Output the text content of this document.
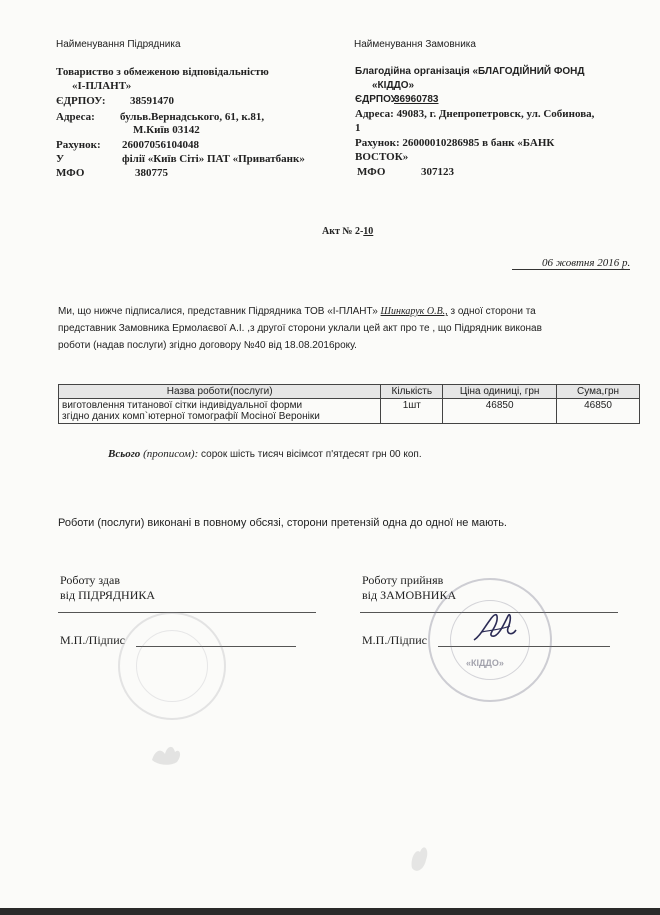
Найменування Підрядника
Товариство з обмеженою відповідальністю
«І-ПЛАНТ»
ЄДРПОУ: 38591470
Адреса: бульв.Вернадського, 61, к.81,
М.Київ 03142
Рахунок: 26007056104048
У	філії «Київ Сіті» ПАТ «Приватбанк»
МФО	380775
Найменування Замовника
Благодійна організація «БЛАГОДІЙНИЙ ФОНД
«КІДДО»
ЄДРПОУ
36960783
Адреса: 49083, г. Днепропетровск, ул. Собинова,
1
Рахунок: 26000010286985 в банк «БАНК
ВОСТОК»
МФО	307123
Акт № 2-10
06 жовтня 2016 р.
Ми, що нижче підписалися, представник Підрядника ТОВ «І-ПЛАНТ» Шинкарук О.В., з одної сторони та
представник Замовника Ермолаєвої А.І. ,з другої сторони уклали цей акт про те , що Підрядник виконав
роботи (надав послуги) згідно договору №40 від 18.08.2016року.
Назва роботи(послуги)	Кількість	Ціна одиниці, грн	Сума,грн

виготовлення титанової сітки індивідуальної форми
згідно даних комп`ютерної томографії Мосіної Вероніки	1шт	46850	46850
Всього (прописом): сорок шість тисяч вісімсот п'ятдесят грн 00 коп.
Роботи (послуги) виконані в повному обсязі, сторони претензій одна до одної не мають.
Роботу здав
від ПІДРЯДНИКА
М.П./Підпис
Роботу прийняв
від ЗАМОВНИКА
М.П./Підпис
«КІДДО»
